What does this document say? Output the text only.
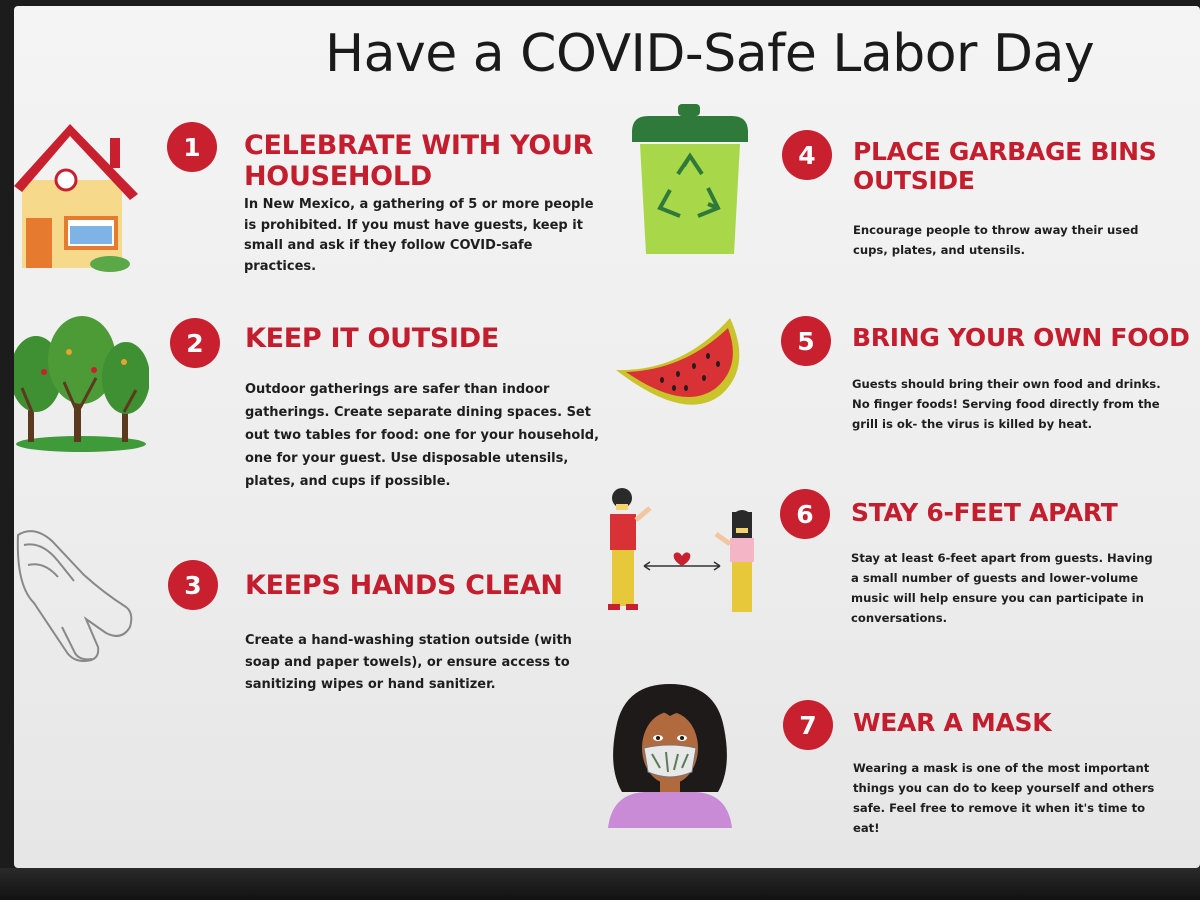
Have a COVID-Safe Labor Day
1	CELEBRATE WITH YOUR HOUSEHOLD
In New Mexico, a gathering of 5 or more people is prohibited. If you must have guests, keep it small and ask if they follow COVID-safe practices.
2	KEEP IT OUTSIDE
Outdoor gatherings are safer than indoor gatherings. Create separate dining spaces. Set out two tables for food: one for your household, one for your guest. Use disposable utensils, plates, and cups if possible.
3	KEEPS HANDS CLEAN
Create a hand-washing station outside (with soap and paper towels), or ensure access to sanitizing wipes or hand sanitizer.
4	PLACE GARBAGE BINS OUTSIDE
Encourage people to throw away their used cups, plates, and utensils.
5	BRING YOUR OWN FOOD
Guests should bring their own food and drinks. No finger foods! Serving food directly from the grill is ok- the virus is killed by heat.
6	STAY 6-FEET APART
Stay at least 6-feet apart from guests. Having a small number of guests and lower-volume music will help ensure you can participate in conversations.
7	WEAR A MASK
Wearing a mask is one of the most important things you can do to keep yourself and others safe. Feel free to remove it when it's time to eat!
